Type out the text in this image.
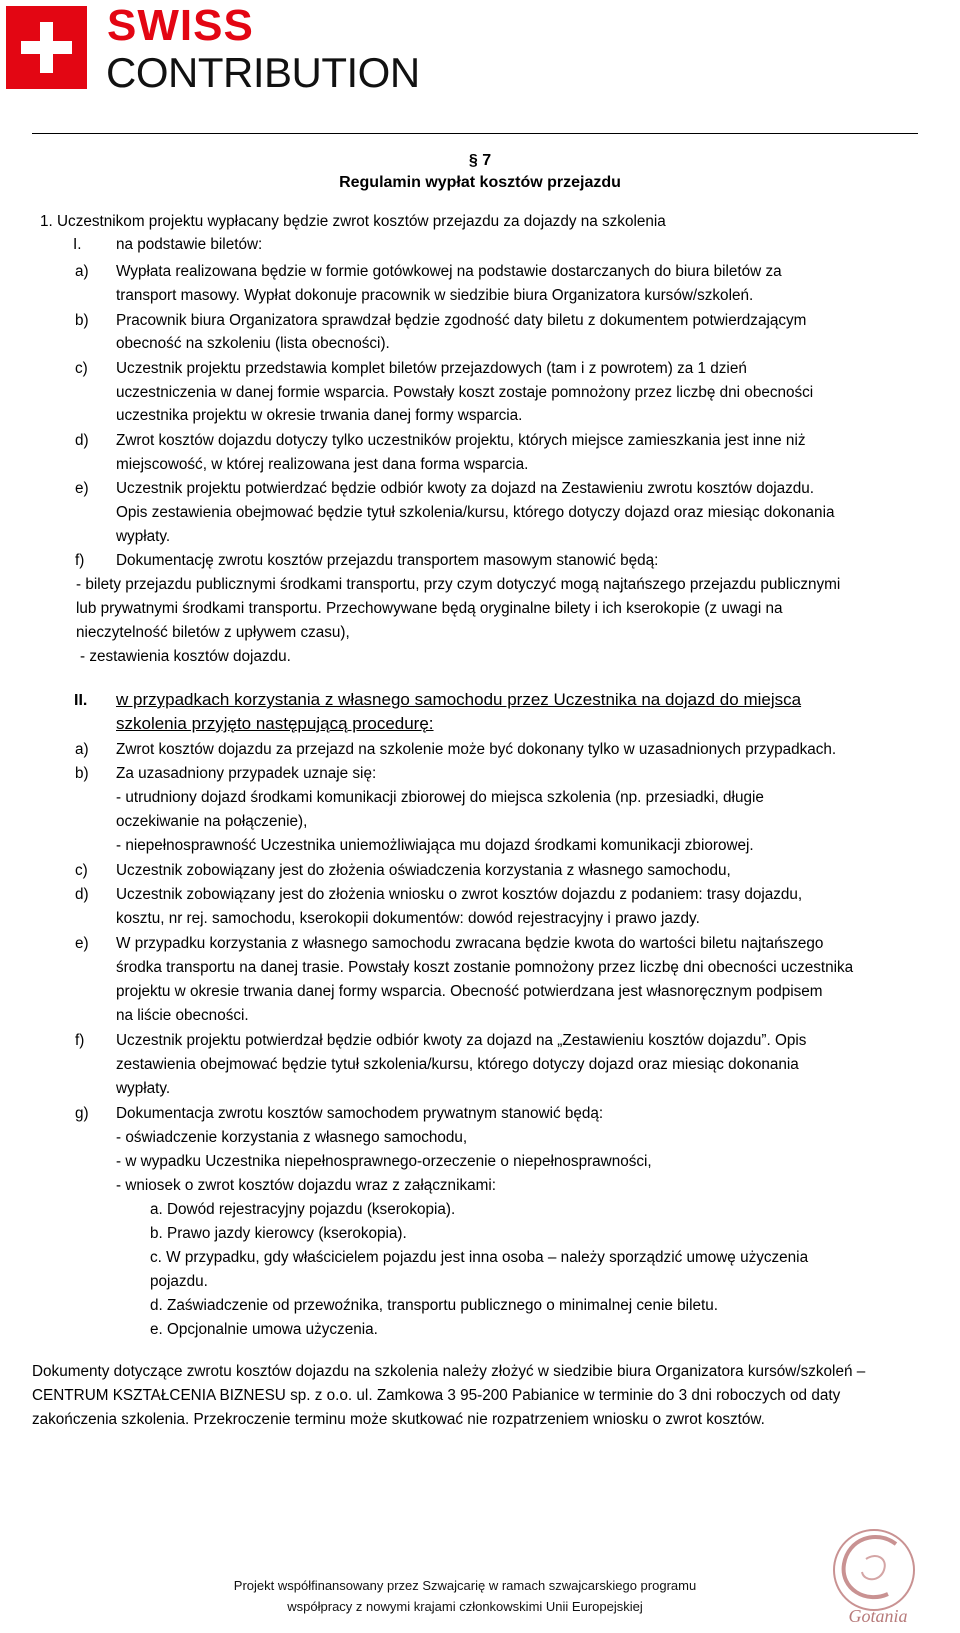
SWISS
CONTRIBUTION
§ 7
Regulamin wypłat kosztów przejazdu
1. Uczestnikom projektu wypłacany będzie zwrot kosztów przejazdu za dojazdy na szkolenia
I. na podstawie biletów:
a) Wypłata realizowana będzie w formie gotówkowej na podstawie dostarczanych do biura biletów za
transport masowy. Wypłat dokonuje pracownik w siedzibie biura Organizatora kursów/szkoleń.
b) Pracownik biura Organizatora sprawdzał będzie zgodność daty biletu z dokumentem potwierdzającym
obecność na szkoleniu (lista obecności).
c) Uczestnik projektu przedstawia komplet biletów przejazdowych (tam i z powrotem) za 1 dzień
uczestniczenia w danej formie wsparcia. Powstały koszt zostaje pomnożony przez liczbę dni obecności
uczestnika projektu w okresie trwania danej formy wsparcia.
d) Zwrot kosztów dojazdu dotyczy tylko uczestników projektu, których miejsce zamieszkania jest inne niż
miejscowość, w której realizowana jest dana forma wsparcia.
e) Uczestnik projektu potwierdzać będzie odbiór kwoty za dojazd na Zestawieniu zwrotu kosztów dojazdu.
Opis zestawienia obejmować będzie tytuł szkolenia/kursu, którego dotyczy dojazd oraz miesiąc dokonania
wypłaty.
f) Dokumentację zwrotu kosztów przejazdu transportem masowym stanowić będą:
- bilety przejazdu publicznymi środkami transportu, przy czym dotyczyć mogą najtańszego przejazdu publicznymi
lub prywatnymi środkami transportu. Przechowywane będą oryginalne bilety i ich kserokopie (z uwagi na
nieczytelność biletów z upływem czasu),
- zestawienia kosztów dojazdu.
II. w przypadkach korzystania z własnego samochodu przez Uczestnika na dojazd do miejsca
szkolenia przyjęto następującą procedurę:
a) Zwrot kosztów dojazdu za przejazd na szkolenie może być dokonany tylko w uzasadnionych przypadkach.
b) Za uzasadniony przypadek uznaje się:
- utrudniony dojazd środkami komunikacji zbiorowej do miejsca szkolenia (np. przesiadki, długie
oczekiwanie na połączenie),
- niepełnosprawność Uczestnika uniemożliwiająca mu dojazd środkami komunikacji zbiorowej.
c) Uczestnik zobowiązany jest do złożenia oświadczenia korzystania z własnego samochodu,
d) Uczestnik zobowiązany jest do złożenia wniosku o zwrot kosztów dojazdu z podaniem: trasy dojazdu,
kosztu, nr rej. samochodu, kserokopii dokumentów: dowód rejestracyjny i prawo jazdy.
e) W przypadku korzystania z własnego samochodu zwracana będzie kwota do wartości biletu najtańszego
środka transportu na danej trasie. Powstały koszt zostanie pomnożony przez liczbę dni obecności uczestnika
projektu w okresie trwania danej formy wsparcia. Obecność potwierdzana jest własnoręcznym podpisem
na liście obecności.
f) Uczestnik projektu potwierdzał będzie odbiór kwoty za dojazd na „Zestawieniu kosztów dojazdu”. Opis
zestawienia obejmować będzie tytuł szkolenia/kursu, którego dotyczy dojazd oraz miesiąc dokonania
wypłaty.
g) Dokumentacja zwrotu kosztów samochodem prywatnym stanowić będą:
- oświadczenie korzystania z własnego samochodu,
- w wypadku Uczestnika niepełnosprawnego-orzeczenie o niepełnosprawności,
- wniosek o zwrot kosztów dojazdu wraz z załącznikami:
a. Dowód rejestracyjny pojazdu (kserokopia).
b. Prawo jazdy kierowcy (kserokopia).
c. W przypadku, gdy właścicielem pojazdu jest inna osoba – należy sporządzić umowę użyczenia
pojazdu.
d. Zaświadczenie od przewoźnika, transportu publicznego o minimalnej cenie biletu.
e. Opcjonalnie umowa użyczenia.
Dokumenty dotyczące zwrotu kosztów dojazdu na szkolenia należy złożyć w siedzibie biura Organizatora kursów/szkoleń –
CENTRUM KSZTAŁCENIA BIZNESU sp. z o.o. ul. Zamkowa 3 95-200 Pabianice w terminie do 3 dni roboczych od daty
zakończenia szkolenia. Przekroczenie terminu może skutkować nie rozpatrzeniem wniosku o zwrot kosztów.
Projekt współfinansowany przez Szwajcarię w ramach szwajcarskiego programu
współpracy z nowymi krajami członkowskimi Unii Europejskiej	Gotania
